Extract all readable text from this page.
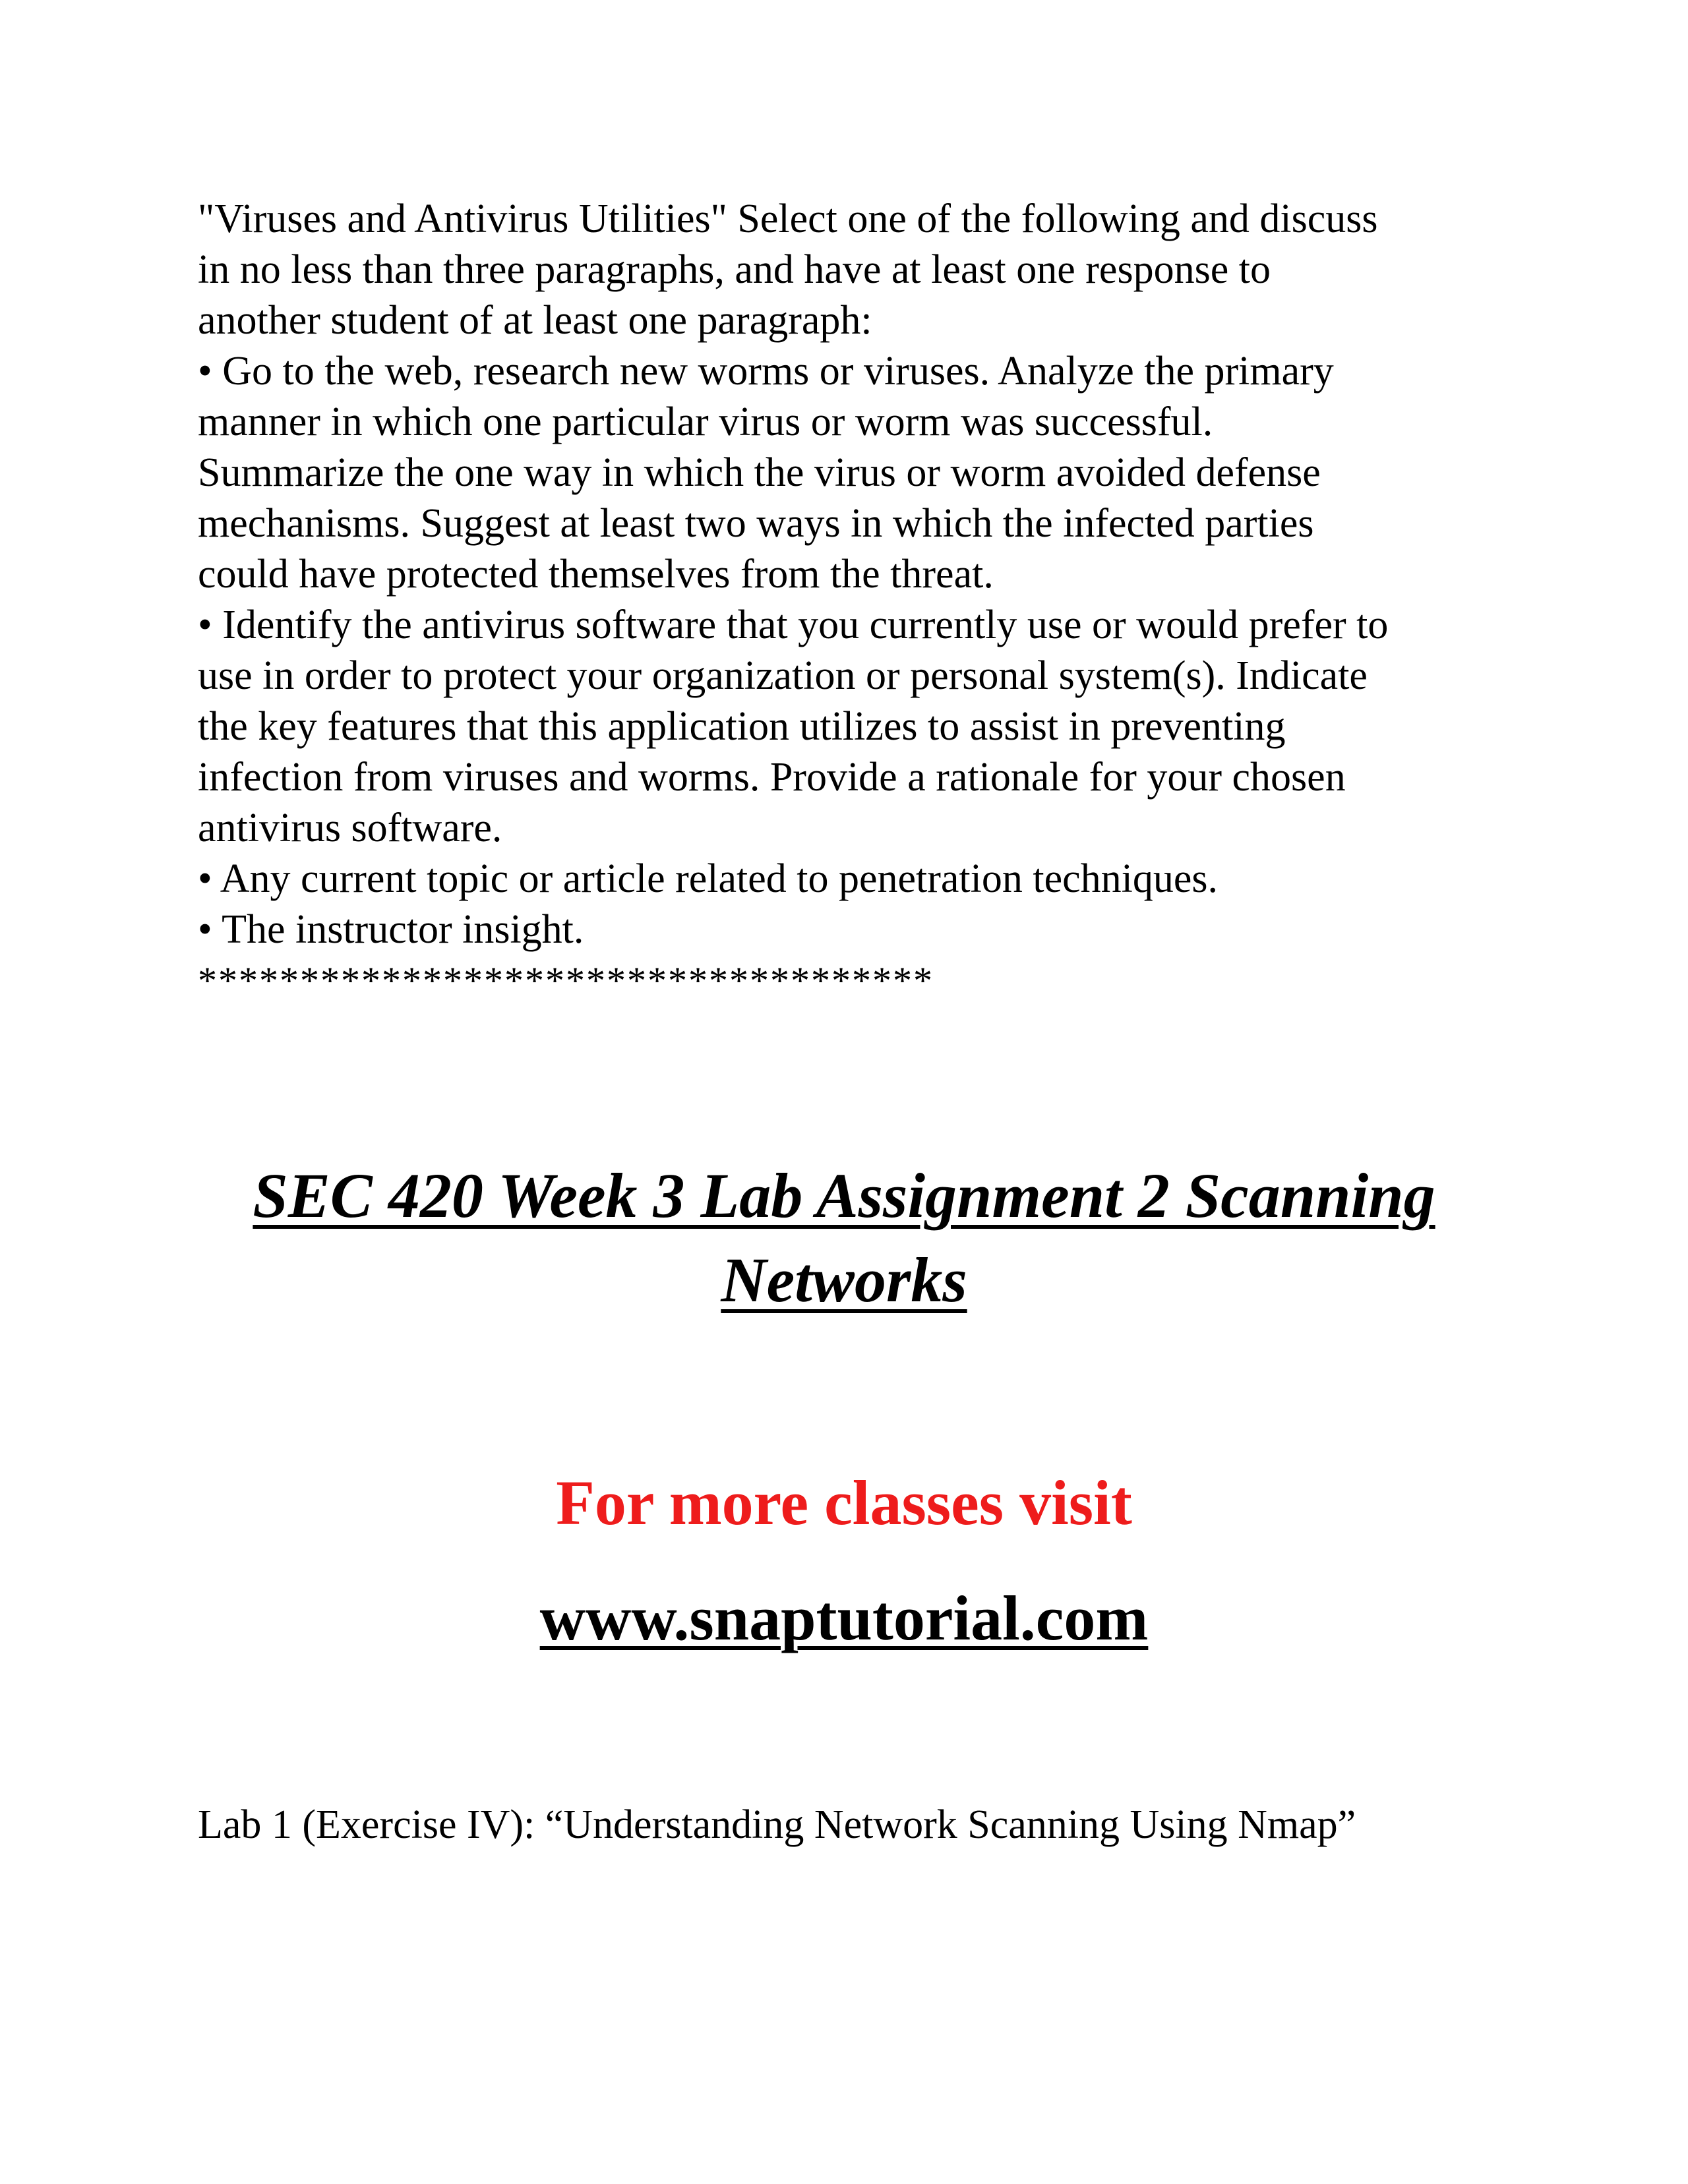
"Viruses and Antivirus Utilities" Select one of the following and discuss
in no less than three paragraphs, and have at least one response to
another student of at least one paragraph:

• Go to the web, research new worms or viruses. Analyze the primary
manner in which one particular virus or worm was successful.
Summarize the one way in which the virus or worm avoided defense
mechanisms. Suggest at least two ways in which the infected parties
could have protected themselves from the threat.

• Identify the antivirus software that you currently use or would prefer to
use in order to protect your organization or personal system(s). Indicate
the key features that this application utilizes to assist in preventing
infection from viruses and worms. Provide a rationale for your chosen
antivirus software.

• Any current topic or article related to penetration techniques.

• The instructor insight.

************************************

SEC 420 Week 3 Lab Assignment 2 Scanning
Networks
For more classes visit
www.snaptutorial.com
Lab 1 (Exercise IV): “Understanding Network Scanning Using Nmap”
